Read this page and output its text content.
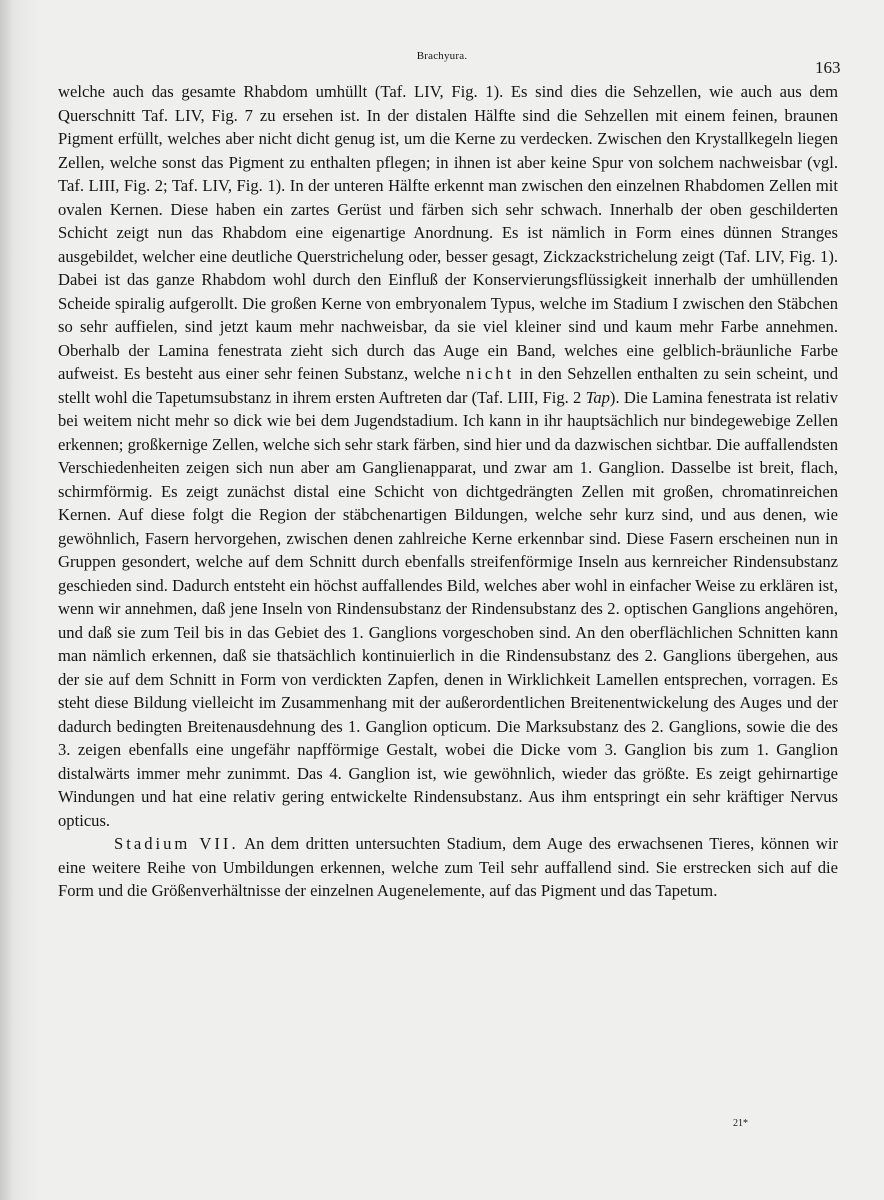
Brachyura.
163

welche auch das gesamte Rhabdom umhüllt (Taf. LIV, Fig. 1). Es sind dies die Sehzellen, wie auch aus dem Querschnitt Taf. LIV, Fig. 7 zu ersehen ist. In der distalen Hälfte sind die Sehzellen mit einem feinen, braunen Pigment erfüllt, welches aber nicht dicht genug ist, um die Kerne zu verdecken. Zwischen den Krystallkegeln liegen Zellen, welche sonst das Pigment zu enthalten pflegen; in ihnen ist aber keine Spur von solchem nachweisbar (vgl. Taf. LIII, Fig. 2; Taf. LIV, Fig. 1). In der unteren Hälfte erkennt man zwischen den einzelnen Rhabdomen Zellen mit ovalen Kernen. Diese haben ein zartes Gerüst und färben sich sehr schwach. Innerhalb der oben geschilderten Schicht zeigt nun das Rhabdom eine eigenartige Anordnung. Es ist nämlich in Form eines dünnen Stranges ausgebildet, welcher eine deutliche Querstrichelung oder, besser gesagt, Zickzackstrichelung zeigt (Taf. LIV, Fig. 1). Dabei ist das ganze Rhabdom wohl durch den Einfluß der Konservierungsflüssigkeit innerhalb der umhüllenden Scheide spiralig aufgerollt. Die großen Kerne von embryonalem Typus, welche im Stadium I zwischen den Stäbchen so sehr auffielen, sind jetzt kaum mehr nachweisbar, da sie viel kleiner sind und kaum mehr Farbe annehmen. Oberhalb der Lamina fenestrata zieht sich durch das Auge ein Band, welches eine gelblich-bräunliche Farbe aufweist. Es besteht aus einer sehr feinen Substanz, welche nicht in den Sehzellen enthalten zu sein scheint, und stellt wohl die Tapetumsubstanz in ihrem ersten Auftreten dar (Taf. LIII, Fig. 2 Tap). Die Lamina fenestrata ist relativ bei weitem nicht mehr so dick wie bei dem Jugendstadium. Ich kann in ihr hauptsächlich nur bindegewebige Zellen erkennen; großkernige Zellen, welche sich sehr stark färben, sind hier und da dazwischen sichtbar. Die auffallendsten Verschiedenheiten zeigen sich nun aber am Ganglienapparat, und zwar am 1. Ganglion. Dasselbe ist breit, flach, schirmförmig. Es zeigt zunächst distal eine Schicht von dichtgedrängten Zellen mit großen, chromatinreichen Kernen. Auf diese folgt die Region der stäbchenartigen Bildungen, welche sehr kurz sind, und aus denen, wie gewöhnlich, Fasern hervorgehen, zwischen denen zahlreiche Kerne erkennbar sind. Diese Fasern erscheinen nun in Gruppen gesondert, welche auf dem Schnitt durch ebenfalls streifenförmige Inseln aus kernreicher Rindensubstanz geschieden sind. Dadurch entsteht ein höchst auffallendes Bild, welches aber wohl in einfacher Weise zu erklären ist, wenn wir annehmen, daß jene Inseln von Rindensubstanz der Rindensubstanz des 2. optischen Ganglions angehören, und daß sie zum Teil bis in das Gebiet des 1. Ganglions vorgeschoben sind. An den oberflächlichen Schnitten kann man nämlich erkennen, daß sie thatsächlich kontinuierlich in die Rindensubstanz des 2. Ganglions übergehen, aus der sie auf dem Schnitt in Form von verdickten Zapfen, denen in Wirklichkeit Lamellen entsprechen, vorragen. Es steht diese Bildung vielleicht im Zusammenhang mit der außerordentlichen Breitenentwickelung des Auges und der dadurch bedingten Breitenausdehnung des 1. Ganglion opticum. Die Marksubstanz des 2. Ganglions, sowie die des 3. zeigen ebenfalls eine ungefähr napfförmige Gestalt, wobei die Dicke vom 3. Ganglion bis zum 1. Ganglion distalwärts immer mehr zunimmt. Das 4. Ganglion ist, wie gewöhnlich, wieder das größte. Es zeigt gehirnartige Windungen und hat eine relativ gering entwickelte Rindensubstanz. Aus ihm entspringt ein sehr kräftiger Nervus opticus.

Stadium VII. An dem dritten untersuchten Stadium, dem Auge des erwachsenen Tieres, können wir eine weitere Reihe von Umbildungen erkennen, welche zum Teil sehr auffallend sind. Sie erstrecken sich auf die Form und die Größenverhältnisse der einzelnen Augenelemente, auf das Pigment und das Tapetum.

21*
